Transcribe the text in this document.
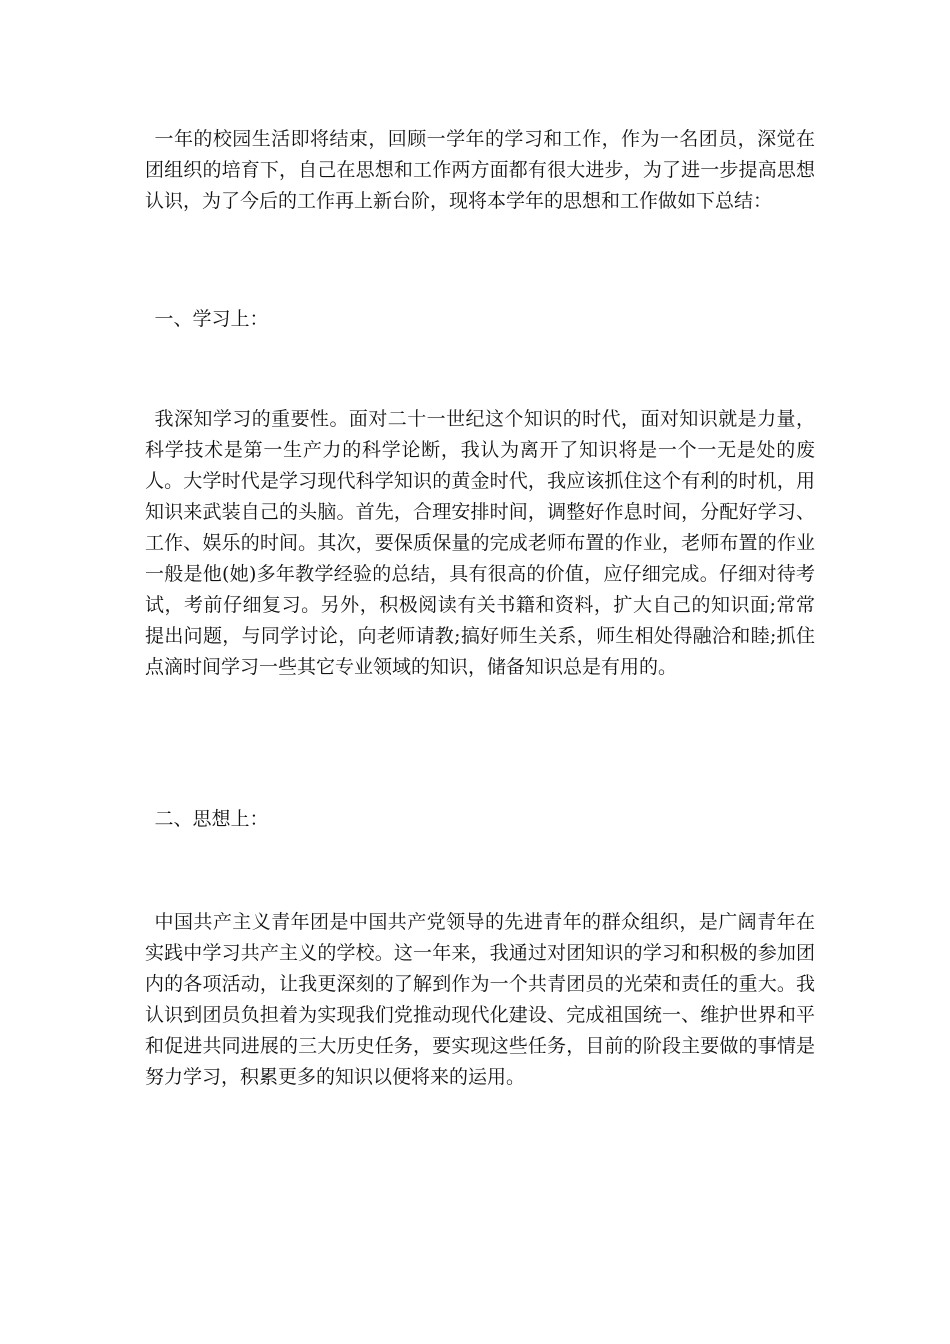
一年的校园生活即将结束，回顾一学年的学习和工作，作为一名团员，深觉在团组织的培育下，自己在思想和工作两方面都有很大进步，为了进一步提高思想认识，为了今后的工作再上新台阶，现将本学年的思想和工作做如下总结：

一、学习上：

我深知学习的重要性。面对二十一世纪这个知识的时代，面对知识就是力量，科学技术是第一生产力的科学论断，我认为离开了知识将是一个一无是处的废人。大学时代是学习现代科学知识的黄金时代，我应该抓住这个有利的时机，用知识来武装自己的头脑。首先，合理安排时间，调整好作息时间，分配好学习、工作、娱乐的时间。其次，要保质保量的完成老师布置的作业，老师布置的作业一般是他(她)多年教学经验的总结，具有很高的价值，应仔细完成。仔细对待考试，考前仔细复习。另外，积极阅读有关书籍和资料，扩大自己的知识面;常常提出问题，与同学讨论，向老师请教;搞好师生关系，师生相处得融洽和睦;抓住点滴时间学习一些其它专业领域的知识，储备知识总是有用的。

二、思想上：

中国共产主义青年团是中国共产党领导的先进青年的群众组织，是广阔青年在实践中学习共产主义的学校。这一年来，我通过对团知识的学习和积极的参加团内的各项活动，让我更深刻的了解到作为一个共青团员的光荣和责任的重大。我认识到团员负担着为实现我们党推动现代化建设、完成祖国统一、维护世界和平和促进共同进展的三大历史任务，要实现这些任务，目前的阶段主要做的事情是努力学习，积累更多的知识以便将来的运用。
